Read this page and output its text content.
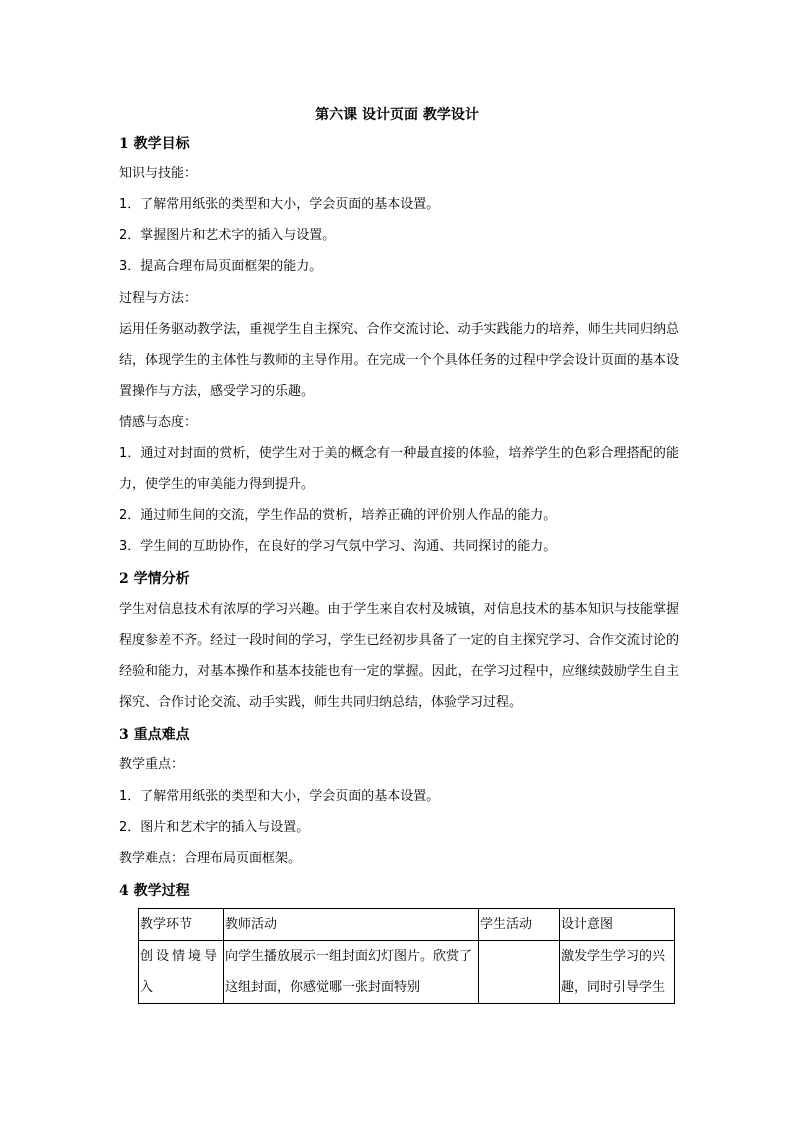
第六课 设计页面 教学设计
1 教学目标
知识与技能：
1．了解常用纸张的类型和大小，学会页面的基本设置。
2．掌握图片和艺术字的插入与设置。
3．提高合理布局页面框架的能力。
过程与方法：
运用任务驱动教学法，重视学生自主探究、合作交流讨论、动手实践能力的培养，师生共同归纳总结，体现学生的主体性与教师的主导作用。在完成一个个具体任务的过程中学会设计页面的基本设置操作与方法，感受学习的乐趣。
情感与态度：
1．通过对封面的赏析，使学生对于美的概念有一种最直接的体验，培养学生的色彩合理搭配的能力，使学生的审美能力得到提升。
2．通过师生间的交流，学生作品的赏析，培养正确的评价别人作品的能力。
3．学生间的互助协作，在良好的学习气氛中学习、沟通、共同探讨的能力。
2 学情分析
学生对信息技术有浓厚的学习兴趣。由于学生来自农村及城镇，对信息技术的基本知识与技能掌握程度参差不齐。经过一段时间的学习，学生已经初步具备了一定的自主探究学习、合作交流讨论的经验和能力，对基本操作和基本技能也有一定的掌握。因此，在学习过程中，应继续鼓励学生自主探究、合作讨论交流、动手实践，师生共同归纳总结，体验学习过程。
3 重点难点
教学重点：
1．了解常用纸张的类型和大小，学会页面的基本设置。
2．图片和艺术字的插入与设置。
教学难点：合理布局页面框架。
4 教学过程
教学环节	教师活动	学生活动	设计意图
创设情境导入	向学生播放展示一组封面幻灯图片。欣赏了这组封面，你感觉哪一张封面特别		激发学生学习的兴趣，同时引导学生
